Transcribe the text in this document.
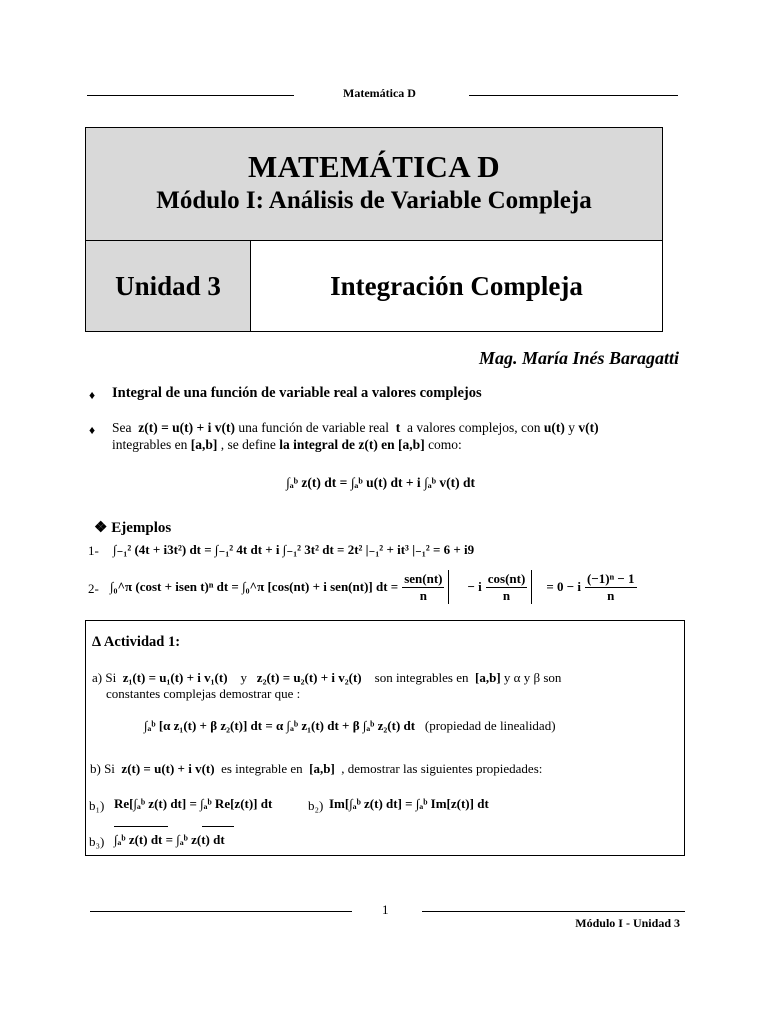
Matemática D
MATEMÁTICA D
Módulo I: Análisis de Variable Compleja
Unidad 3	Integración Compleja
Mag. María Inés Baragatti
♦ Integral de una función de variable real a valores complejos
♦ Sea z(t) = u(t) + i v(t) una función de variable real t a valores complejos, con u(t) y v(t)
integrables en [a,b] , se define la integral de z(t) en [a,b] como:
∫ₐᵇ z(t) dt = ∫ₐᵇ u(t) dt + i ∫ₐᵇ v(t) dt
❖ Ejemplos
1- ∫₋₁² (4t + i3t²) dt = ∫₋₁² 4t dt + i ∫₋₁² 3t² dt = 2t² |₋₁² + it³ |₋₁² = 6 + i9
2- ∫₀^π (cost + isen t)ⁿ dt = ∫₀^π [cos(nt) + i sen(nt)] dt = $\frac{\text{sen(nt)}}{n} - i \frac{\cos(nt)}{n} = 0 - i \frac{\text{(−1)ⁿ − 1}}{n}$
Δ Actividad 1:
a) Si z₁(t) = u₁(t) + i v₁(t) y z₂(t) = u₂(t) + i v₂(t) son integrables en [a,b] y α y β son
constantes complejas demostrar que :
∫ₐᵇ [α z₁(t) + β z₂(t)] dt = α ∫ₐᵇ z₁(t) dt + β ∫ₐᵇ z₂(t) dt (propiedad de linealidad)
b) Si z(t) = u(t) + i v(t) es integrable en [a,b] , demostrar las siguientes propiedades:
b₁) Re[∫ₐᵇ z(t) dt] = ∫ₐᵇ Re[z(t)] dt	b₂) Im[∫ₐᵇ z(t) dt] = ∫ₐᵇ Im[z(t)] dt
b₃) ∫ₐᵇ z(t) dt = ∫ₐᵇ z(t) dt
1
Módulo I - Unidad 3
